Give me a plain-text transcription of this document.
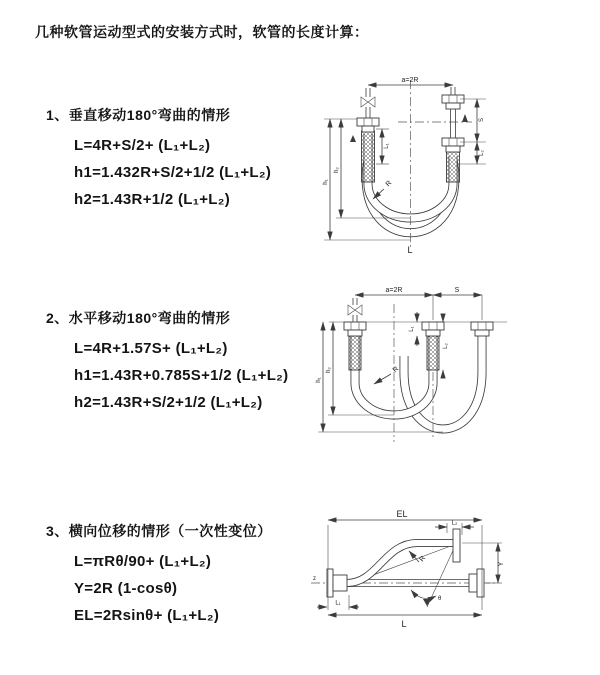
几种软管运动型式的安装方式时，软管的长度计算：
1、垂直移动180°弯曲的情形
L=4R+S/2+ (L₁+L₂)
h1=1.432R+S/2+1/2 (L₁+L₂)
h2=1.43R+1/2 (L₁+L₂)
2、水平移动180°弯曲的情形
L=4R+1.57S+ (L₁+L₂)
h1=1.43R+0.785S+1/2 (L₁+L₂)
h2=1.43R+S/2+1/2 (L₁+L₂)
3、横向位移的情形（一次性变位）
L=πRθ/90+ (L₁+L₂)
Y=2R (1-cosθ)
EL=2Rsinθ+ (L₁+L₂)
a=2R
L₁
h₁
h₂
S
L₂
R
L
a=2R	S
h₁
h₂
L₁
L₂
R
z
θ
EL
L₂
Y
L
L₁
R
